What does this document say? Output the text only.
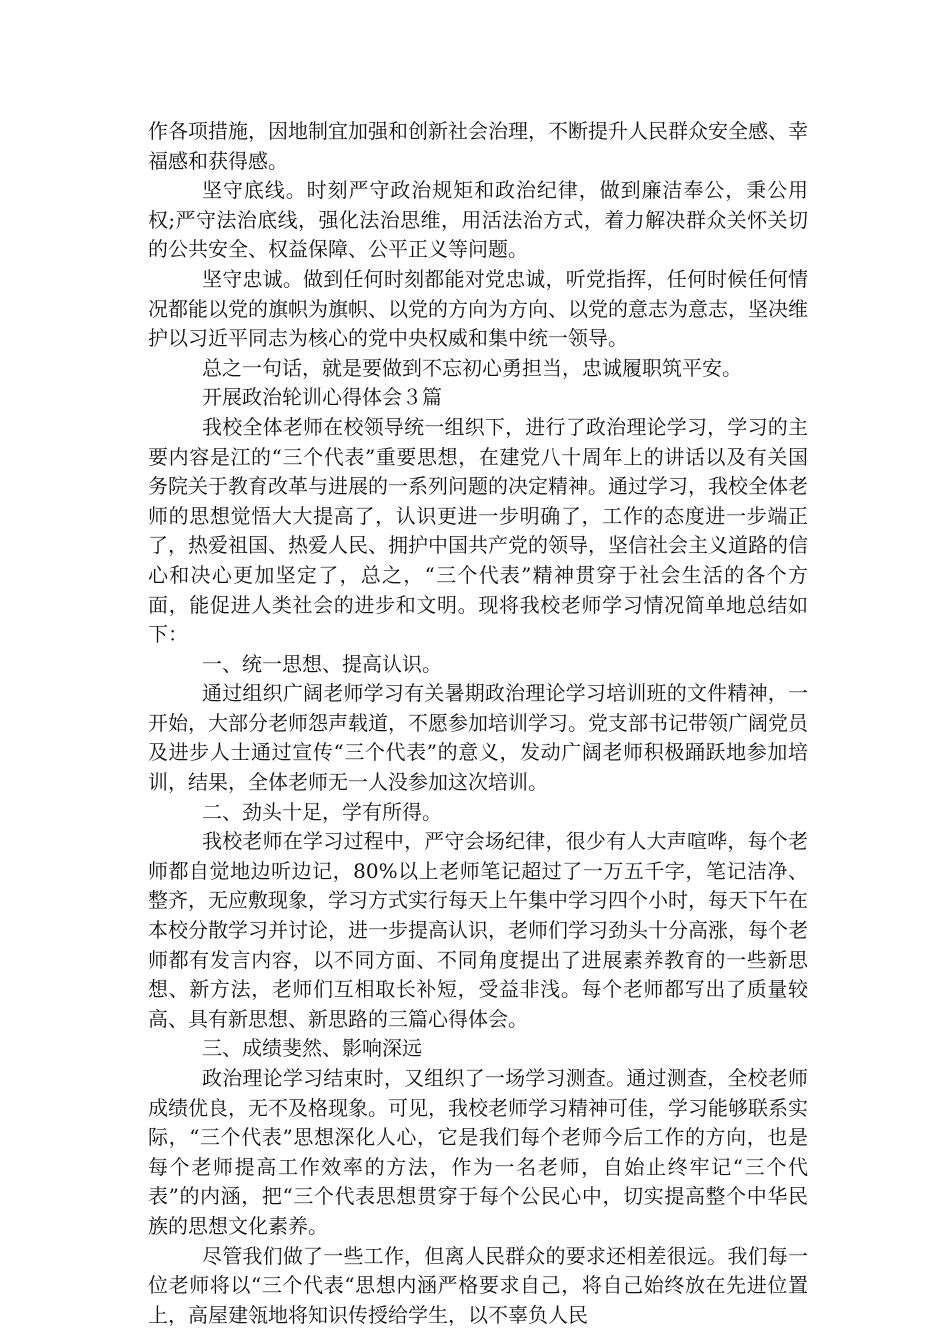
作各项措施，因地制宜加强和创新社会治理，不断提升人民群众安全感、幸福感和获得感。

坚守底线。时刻严守政治规矩和政治纪律，做到廉洁奉公，秉公用权;严守法治底线，强化法治思维，用活法治方式，着力解决群众关怀关切的公共安全、权益保障、公平正义等问题。

坚守忠诚。做到任何时刻都能对党忠诚，听党指挥，任何时候任何情况都能以党的旗帜为旗帜、以党的方向为方向、以党的意志为意志，坚决维护以习近平同志为核心的党中央权威和集中统一领导。

总之一句话，就是要做到不忘初心勇担当，忠诚履职筑平安。

开展政治轮训心得体会３篇

我校全体老师在校领导统一组织下，进行了政治理论学习，学习的主要内容是江的“三个代表”重要思想，在建党八十周年上的讲话以及有关国务院关于教育改革与进展的一系列问题的决定精神。通过学习，我校全体老师的思想觉悟大大提高了，认识更进一步明确了，工作的态度进一步端正了，热爱祖国、热爱人民、拥护中国共产党的领导，坚信社会主义道路的信心和决心更加坚定了，总之，“三个代表”精神贯穿于社会生活的各个方面，能促进人类社会的进步和文明。现将我校老师学习情况简单地总结如下：

一、统一思想、提高认识。

通过组织广阔老师学习有关暑期政治理论学习培训班的文件精神，一开始，大部分老师怨声载道，不愿参加培训学习。党支部书记带领广阔党员及进步人士通过宣传“三个代表”的意义，发动广阔老师积极踊跃地参加培训，结果，全体老师无一人没参加这次培训。

二、劲头十足，学有所得。

我校老师在学习过程中，严守会场纪律，很少有人大声喧哗，每个老师都自觉地边听边记，80%以上老师笔记超过了一万五千字，笔记洁净、整齐，无应敷现象，学习方式实行每天上午集中学习四个小时，每天下午在本校分散学习并讨论，进一步提高认识，老师们学习劲头十分高涨，每个老师都有发言内容，以不同方面、不同角度提出了进展素养教育的一些新思想、新方法，老师们互相取长补短，受益非浅。每个老师都写出了质量较高、具有新思想、新思路的三篇心得体会。

三、成绩斐然、影响深远

政治理论学习结束时，又组织了一场学习测查。通过测查，全校老师成绩优良，无不及格现象。可见，我校老师学习精神可佳，学习能够联系实际，“三个代表”思想深化人心，它是我们每个老师今后工作的方向，也是每个老师提高工作效率的方法，作为一名老师，自始止终牢记“三个代表”的内涵，把“三个代表思想贯穿于每个公民心中，切实提高整个中华民族的思想文化素养。

尽管我们做了一些工作，但离人民群众的要求还相差很远。我们每一位老师将以“三个代表“思想内涵严格要求自己，将自己始终放在先进位置上，高屋建瓴地将知识传授给学生，以不辜负人民
